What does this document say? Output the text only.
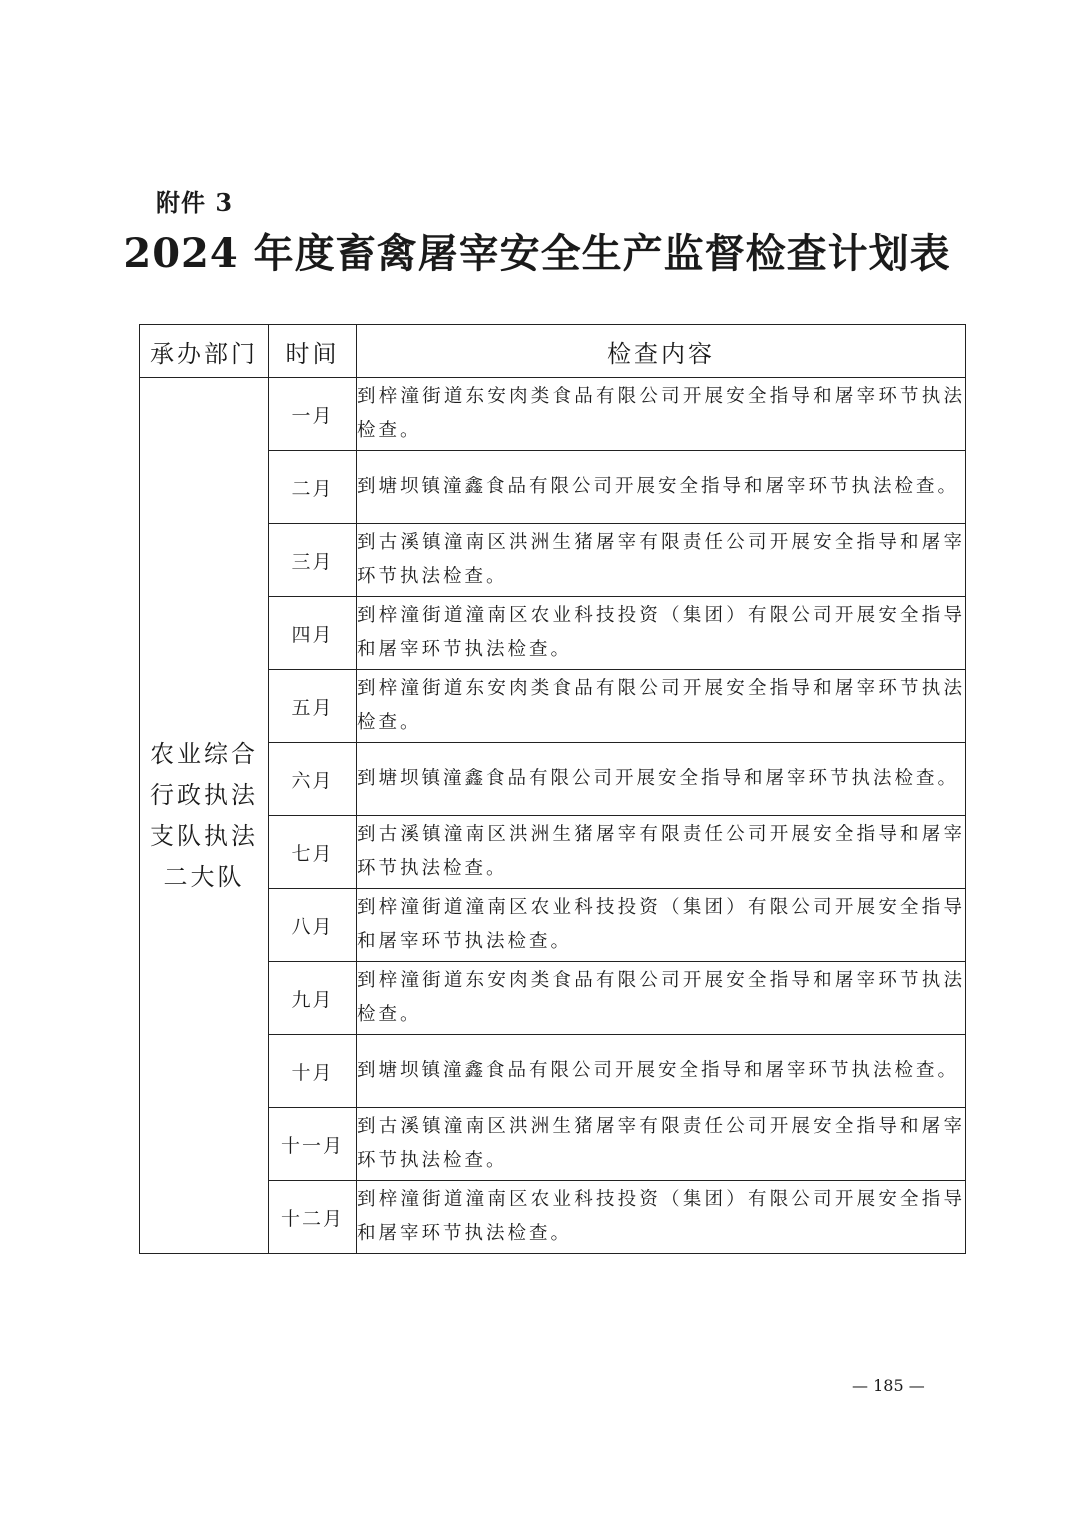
附件 3
2024 年度畜禽屠宰安全生产监督检查计划表
承办部门	时间	检查内容
农业综合行政执法支队执法二大队	一月	到梓潼街道东安肉类食品有限公司开展安全指导和屠宰环节执法检查。
	二月	到塘坝镇潼鑫食品有限公司开展安全指导和屠宰环节执法检查。
	三月	到古溪镇潼南区洪洲生猪屠宰有限责任公司开展安全指导和屠宰环节执法检查。
	四月	到梓潼街道潼南区农业科技投资（集团）有限公司开展安全指导和屠宰环节执法检查。
	五月	到梓潼街道东安肉类食品有限公司开展安全指导和屠宰环节执法检查。
	六月	到塘坝镇潼鑫食品有限公司开展安全指导和屠宰环节执法检查。
	七月	到古溪镇潼南区洪洲生猪屠宰有限责任公司开展安全指导和屠宰环节执法检查。
	八月	到梓潼街道潼南区农业科技投资（集团）有限公司开展安全指导和屠宰环节执法检查。
	九月	到梓潼街道东安肉类食品有限公司开展安全指导和屠宰环节执法检查。
	十月	到塘坝镇潼鑫食品有限公司开展安全指导和屠宰环节执法检查。
	十一月	到古溪镇潼南区洪洲生猪屠宰有限责任公司开展安全指导和屠宰环节执法检查。
	十二月	到梓潼街道潼南区农业科技投资（集团）有限公司开展安全指导和屠宰环节执法检查。
— 185 —
